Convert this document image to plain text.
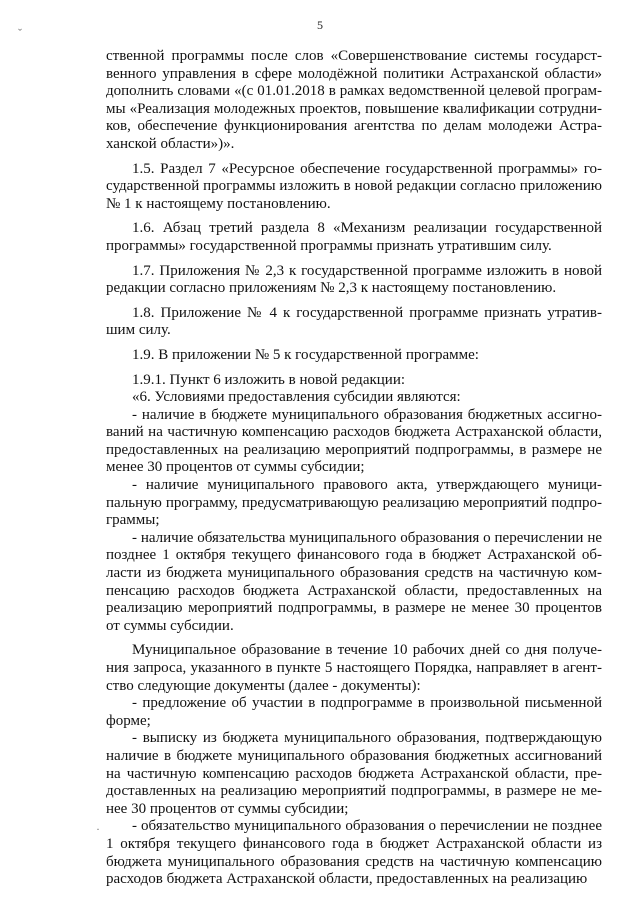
5
ˇ
·

ственной программы после слов «Совершенствование системы государственного управления в сфере молодёжной политики Астраханской области» дополнить словами «(с 01.01.2018 в рамках ведомственной целевой программы «Реализация молодежных проектов, повышение квалификации сотрудников, обеспечение функционирования агентства по делам молодежи Астраханской области»)».

1.5. Раздел 7 «Ресурсное обеспечение государственной программы» государственной программы изложить в новой редакции согласно приложению № 1 к настоящему постановлению.

1.6. Абзац третий раздела 8 «Механизм реализации государственной программы» государственной программы признать утратившим силу.

1.7. Приложения № 2,3 к государственной программе изложить в новой редакции согласно приложениям № 2,3 к настоящему постановлению.

1.8. Приложение № 4 к государственной программе признать утратившим силу.

1.9. В приложении № 5 к государственной программе:

1.9.1. Пункт 6 изложить в новой редакции:

«6. Условиями предоставления субсидии являются:

- наличие в бюджете муниципального образования бюджетных ассигнований на частичную компенсацию расходов бюджета Астраханской области, предоставленных на реализацию мероприятий подпрограммы, в размере не менее 30 процентов от суммы субсидии;

- наличие муниципального правового акта, утверждающего муниципальную программу, предусматривающую реализацию мероприятий подпрограммы;

- наличие обязательства муниципального образования о перечислении не позднее 1 октября текущего финансового года в бюджет Астраханской области из бюджета муниципального образования средств на частичную компенсацию расходов бюджета Астраханской области, предоставленных на реализацию мероприятий подпрограммы, в размере не менее 30 процентов от суммы субсидии.

Муниципальное образование в течение 10 рабочих дней со дня получения запроса, указанного в пункте 5 настоящего Порядка, направляет в агентство следующие документы (далее - документы):

- предложение об участии в подпрограмме в произвольной письменной форме;

- выписку из бюджета муниципального образования, подтверждающую наличие в бюджете муниципального образования бюджетных ассигнований на частичную компенсацию расходов бюджета Астраханской области, предоставленных на реализацию мероприятий подпрограммы, в размере не менее 30 процентов от суммы субсидии;

- обязательство муниципального образования о перечислении не позднее 1 октября текущего финансового года в бюджет Астраханской области из бюджета муниципального образования средств на частичную компенсацию расходов бюджета Астраханской области, предоставленных на реализацию
